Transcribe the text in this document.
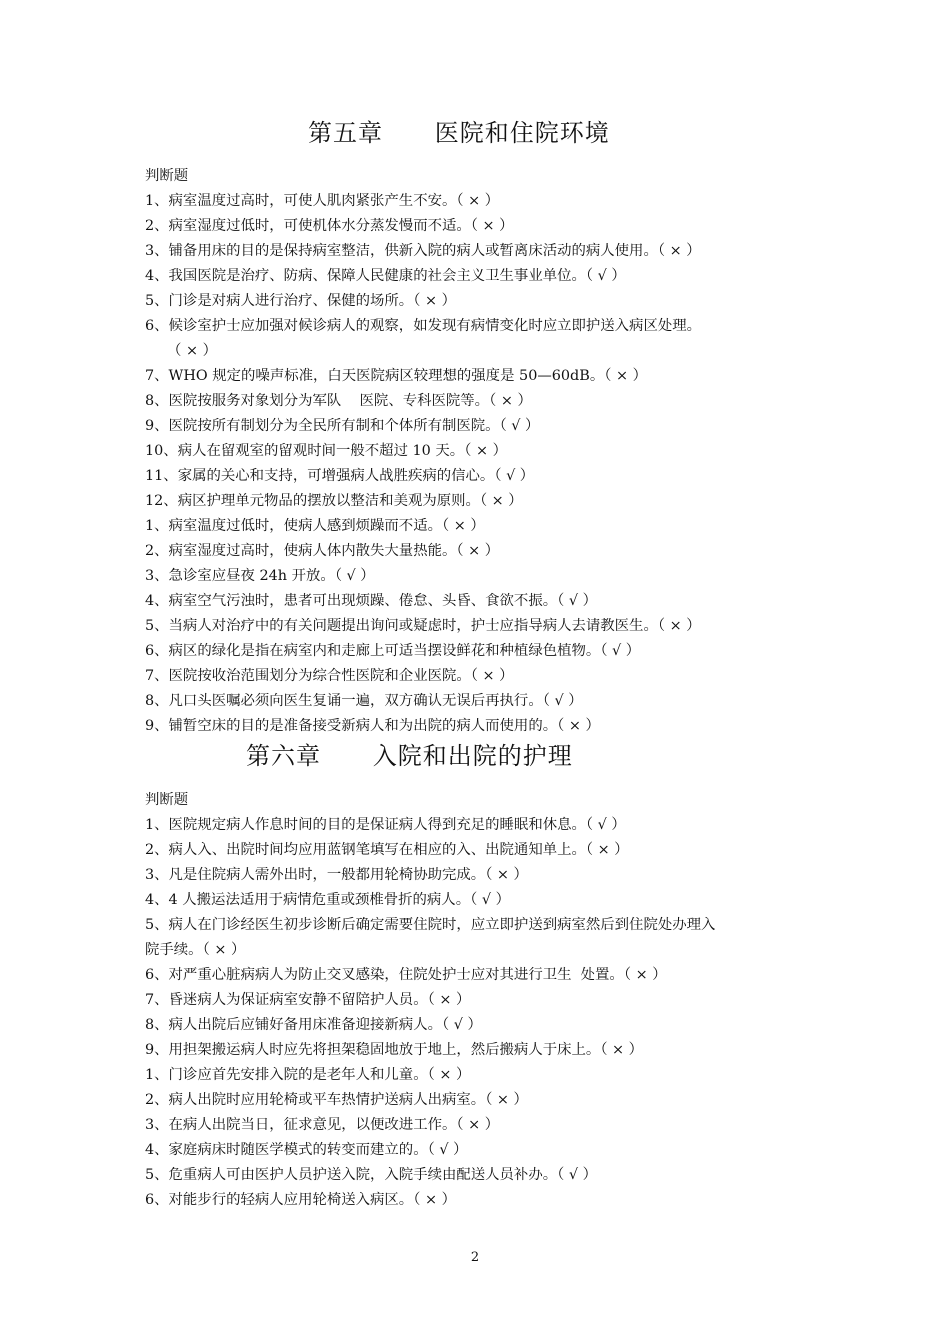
第五章      医院和住院环境
判断题
1、病室温度过高时，可使人肌肉紧张产生不安。（ × ）
2、病室湿度过低时，可使机体水分蒸发慢而不适。（ × ）
3、铺备用床的目的是保持病室整洁，供新入院的病人或暂离床活动的病人使用。（ × ）
4、我国医院是治疗、防病、保障人民健康的社会主义卫生事业单位。（ √ ）
5、门诊是对病人进行治疗、保健的场所。（ × ）
6、候诊室护士应加强对候诊病人的观察，如发现有病情变化时应立即护送入病区处理。
（ × ）
7、WHO 规定的噪声标准，白天医院病区较理想的强度是 50—60dB。（ × ）
8、医院按服务对象划分为军队    医院、专科医院等。（ × ）
9、医院按所有制划分为全民所有制和个体所有制医院。（ √ ）
10、病人在留观室的留观时间一般不超过 10 天。（ × ）
11、家属的关心和支持，可增强病人战胜疾病的信心。（ √ ）
12、病区护理单元物品的摆放以整洁和美观为原则。（ × ）
1、病室温度过低时，使病人感到烦躁而不适。（ × ）
2、病室湿度过高时，使病人体内散失大量热能。（ × ）
3、急诊室应昼夜 24h 开放。（ √ ）
4、病室空气污浊时，患者可出现烦躁、倦怠、头昏、食欲不振。（ √ ）
5、当病人对治疗中的有关问题提出询问或疑虑时，护士应指导病人去请教医生。（ × ）
6、病区的绿化是指在病室内和走廊上可适当摆设鲜花和种植绿色植物。（ √ ）
7、医院按收治范围划分为综合性医院和企业医院。（ × ）
8、凡口头医嘱必须向医生复诵一遍，双方确认无误后再执行。（ √ ）
9、铺暂空床的目的是准备接受新病人和为出院的病人而使用的。（ × ）
第六章      入院和出院的护理
判断题
1、医院规定病人作息时间的目的是保证病人得到充足的睡眠和休息。（ √ ）
2、病人入、出院时间均应用蓝钢笔填写在相应的入、出院通知单上。（ × ）
3、凡是住院病人需外出时，一般都用轮椅协助完成。（ × ）
4、4 人搬运法适用于病情危重或颈椎骨折的病人。（ √ ）
5、病人在门诊经医生初步诊断后确定需要住院时，应立即护送到病室然后到住院处办理入
院手续。（ × ）
6、对严重心脏病病人为防止交叉感染，住院处护士应对其进行卫生  处置。（ × ）
7、昏迷病人为保证病室安静不留陪护人员。（ × ）
8、病人出院后应铺好备用床准备迎接新病人。（ √ ）
9、用担架搬运病人时应先将担架稳固地放于地上，然后搬病人于床上。（ × ）
1、门诊应首先安排入院的是老年人和儿童。（ × ）
2、病人出院时应用轮椅或平车热情护送病人出病室。（ × ）
3、在病人出院当日，征求意见，以便改进工作。（ × ）
4、家庭病床时随医学模式的转变而建立的。（ √ ）
5、危重病人可由医护人员护送入院，入院手续由配送人员补办。（ √ ）
6、对能步行的轻病人应用轮椅送入病区。（ × ）
2
